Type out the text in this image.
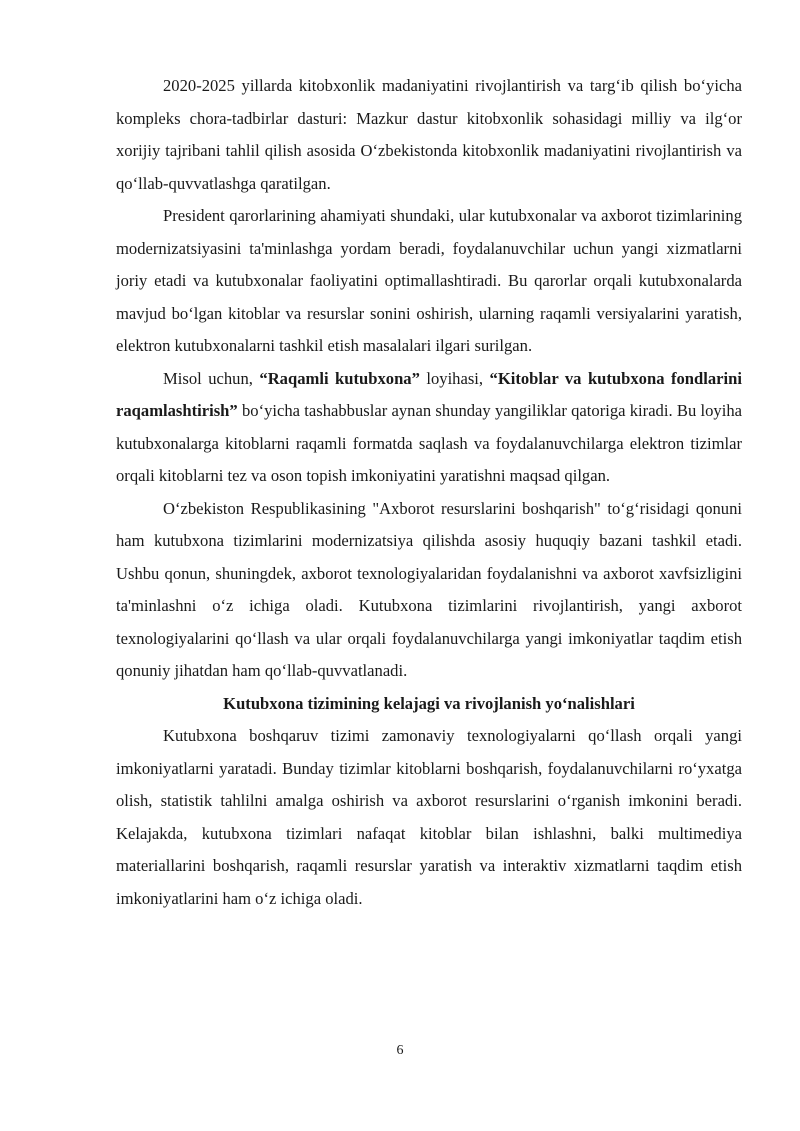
2020-2025 yillarda kitobxonlik madaniyatini rivojlantirish va targ‘ib qilish bo‘yicha kompleks chora-tadbirlar dasturi: Mazkur dastur kitobxonlik sohasidagi milliy va ilg‘or xorijiy tajribani tahlil qilish asosida O‘zbekistonda kitobxonlik madaniyatini rivojlantirish va qo‘llab-quvvatlashga qaratilgan.

President qarorlarining ahamiyati shundaki, ular kutubxonalar va axborot tizimlarining modernizatsiyasini ta'minlashga yordam beradi, foydalanuvchilar uchun yangi xizmatlarni joriy etadi va kutubxonalar faoliyatini optimallashtiradi. Bu qarorlar orqali kutubxonalarda mavjud bo‘lgan kitoblar va resurslar sonini oshirish, ularning raqamli versiyalarini yaratish, elektron kutubxonalarni tashkil etish masalalari ilgari surilgan.

Misol uchun, “Raqamli kutubxona” loyihasi, “Kitoblar va kutubxona fondlarini raqamlashtirish” bo‘yicha tashabbuslar aynan shunday yangiliklar qatoriga kiradi. Bu loyiha kutubxonalarga kitoblarni raqamli formatda saqlash va foydalanuvchilarga elektron tizimlar orqali kitoblarni tez va oson topish imkoniyatini yaratishni maqsad qilgan.

O‘zbekiston Respublikasining "Axborot resurslarini boshqarish" to‘g‘risidagi qonuni ham kutubxona tizimlarini modernizatsiya qilishda asosiy huquqiy bazani tashkil etadi. Ushbu qonun, shuningdek, axborot texnologiyalaridan foydalanishni va axborot xavfsizligini ta'minlashni o‘z ichiga oladi. Kutubxona tizimlarini rivojlantirish, yangi axborot texnologiyalarini qo‘llash va ular orqali foydalanuvchilarga yangi imkoniyatlar taqdim etish qonuniy jihatdan ham qo‘llab-quvvatlanadi.

Kutubxona tizimining kelajagi va rivojlanish yo‘nalishlari

Kutubxona boshqaruv tizimi zamonaviy texnologiyalarni qo‘llash orqali yangi imkoniyatlarni yaratadi. Bunday tizimlar kitoblarni boshqarish, foydalanuvchilarni ro‘yxatga olish, statistik tahlilni amalga oshirish va axborot resurslarini o‘rganish imkonini beradi. Kelajakda, kutubxona tizimlari nafaqat kitoblar bilan ishlashni, balki multimediya materiallarini boshqarish, raqamli resurslar yaratish va interaktiv xizmatlarni taqdim etish imkoniyatlarini ham o‘z ichiga oladi.

6
